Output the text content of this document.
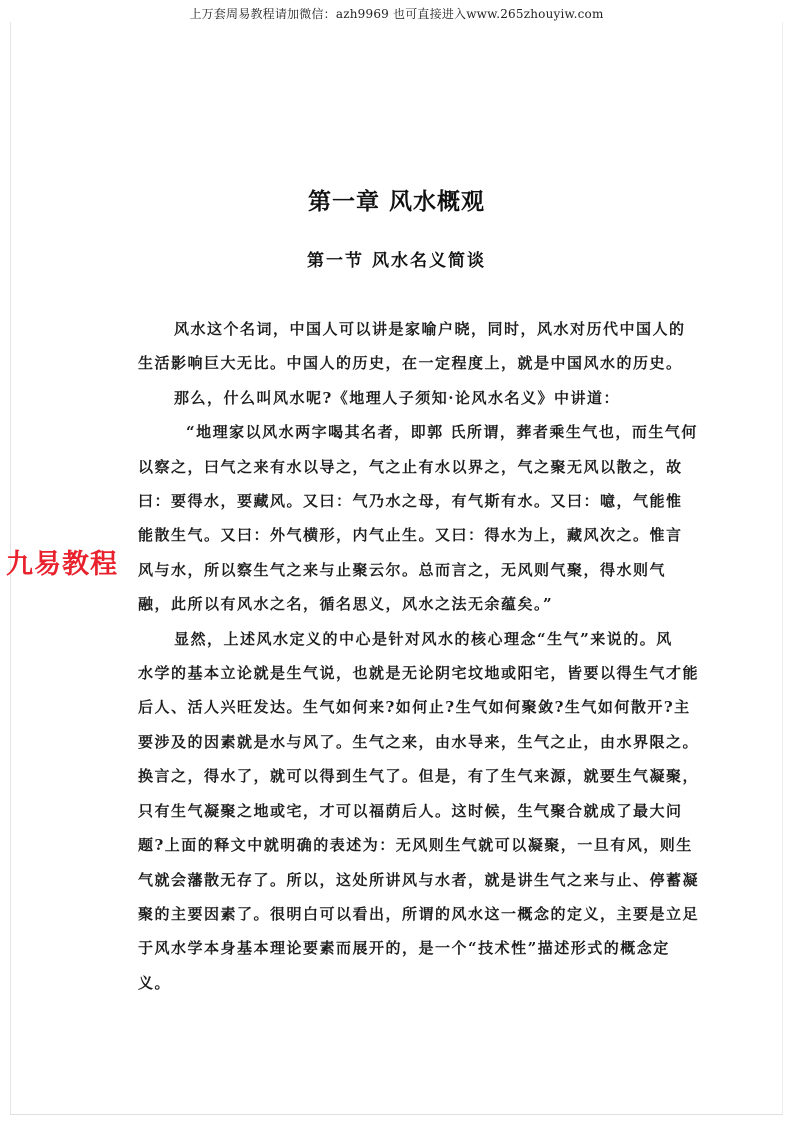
上万套周易教程请加微信：azh9969 也可直接进入www.265zhouyiw.com
第一章 风水概观
第一节 风水名义简谈
风水这个名词，中国人可以讲是家喻户晓，同时，风水对历代中国人的
生活影响巨大无比。中国人的历史，在一定程度上，就是中国风水的历史。
那么，什么叫风水呢?《地理人子须知·论风水名义》中讲道：
“地理家以风水两字喝其名者，即郭 氏所谓，葬者乘生气也，而生气何
以察之，曰气之来有水以导之，气之止有水以界之，气之聚无风以散之，故
曰：要得水，要藏风。又曰：气乃水之母，有气斯有水。又曰：噫，气能惟
能散生气。又曰：外气横形，内气止生。又曰：得水为上，藏风次之。惟言
风与水，所以察生气之来与止聚云尔。总而言之，无风则气聚，得水则气
融，此所以有风水之名，循名思义，风水之法无余蕴矣。”
显然，上述风水定义的中心是针对风水的核心理念“生气”来说的。风
水学的基本立论就是生气说，也就是无论阴宅坟地或阳宅，皆要以得生气才能
后人、活人兴旺发达。生气如何来?如何止?生气如何聚敛?生气如何散开?主
要涉及的因素就是水与风了。生气之来，由水导来，生气之止，由水界限之。
换言之，得水了，就可以得到生气了。但是，有了生气来源，就要生气凝聚，
只有生气凝聚之地或宅，才可以福荫后人。这时候，生气聚合就成了最大问
题?上面的释文中就明确的表述为：无风则生气就可以凝聚，一旦有风，则生
气就会藩散无存了。所以，这处所讲风与水者，就是讲生气之来与止、停蓄凝
聚的主要因素了。很明白可以看出，所谓的风水这一概念的定义，主要是立足
于风水学本身基本理论要素而展开的，是一个“技术性”描述形式的概念定
义。
九易教程
